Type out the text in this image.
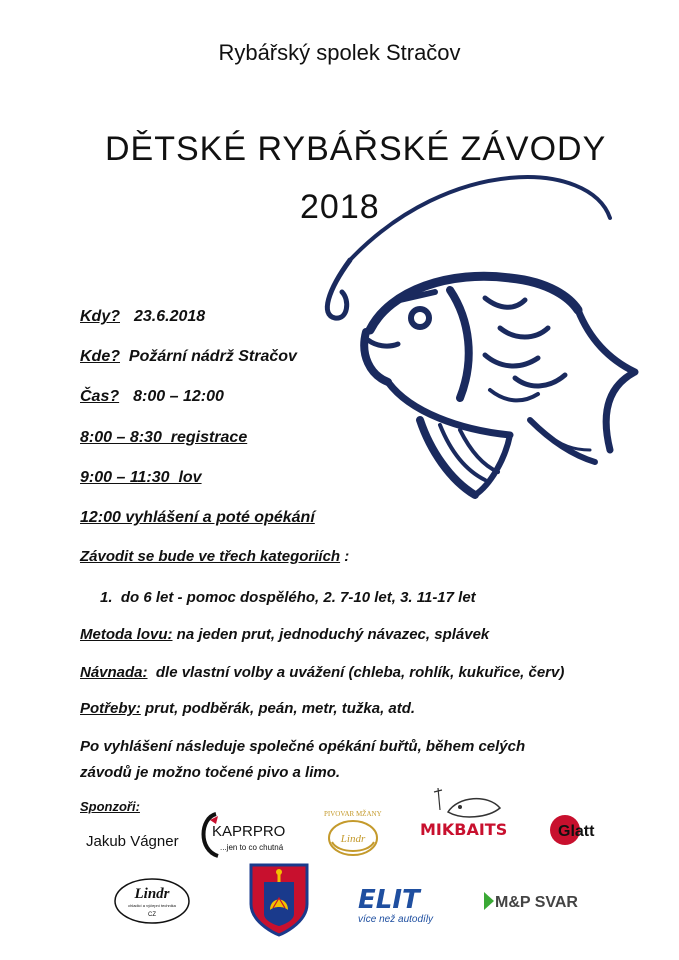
Rybářský spolek Stračov
DĚTSKÉ RYBÁŘSKÉ ZÁVODY
2018
Kdy? 23.6.2018
Kde? Požární nádrž Stračov
Čas? 8:00 – 12:00
8:00 – 8:30  registrace
9:00 – 11:30  lov
12:00 vyhlášení a poté opékání
Závodit se bude ve třech kategoriích :
1.  do 6 let - pomoc dospělého, 2. 7-10 let, 3. 11-17 let
Metoda lovu: na jeden prut, jednoduchý návazec, splávek
Návnada: dle vlastní volby a uvážení (chleba, rohlík, kukuřice, červ)
Potřeby: prut, podběrák, peán, metr, tužka, atd.
Po vyhlášení následuje společné opékání buřtů, během celých
závodů je možno točené pivo a limo.
Sponzoři:
Jakub Vágner
KAPRPRO
...jen to co chutná
PIVOVAR MŽANY
Lindr	MIKBAITS	Glatt
Lindr
chladicí a výčepní technika
CZ	ELIT
více než autodíly
M&P SVAR
